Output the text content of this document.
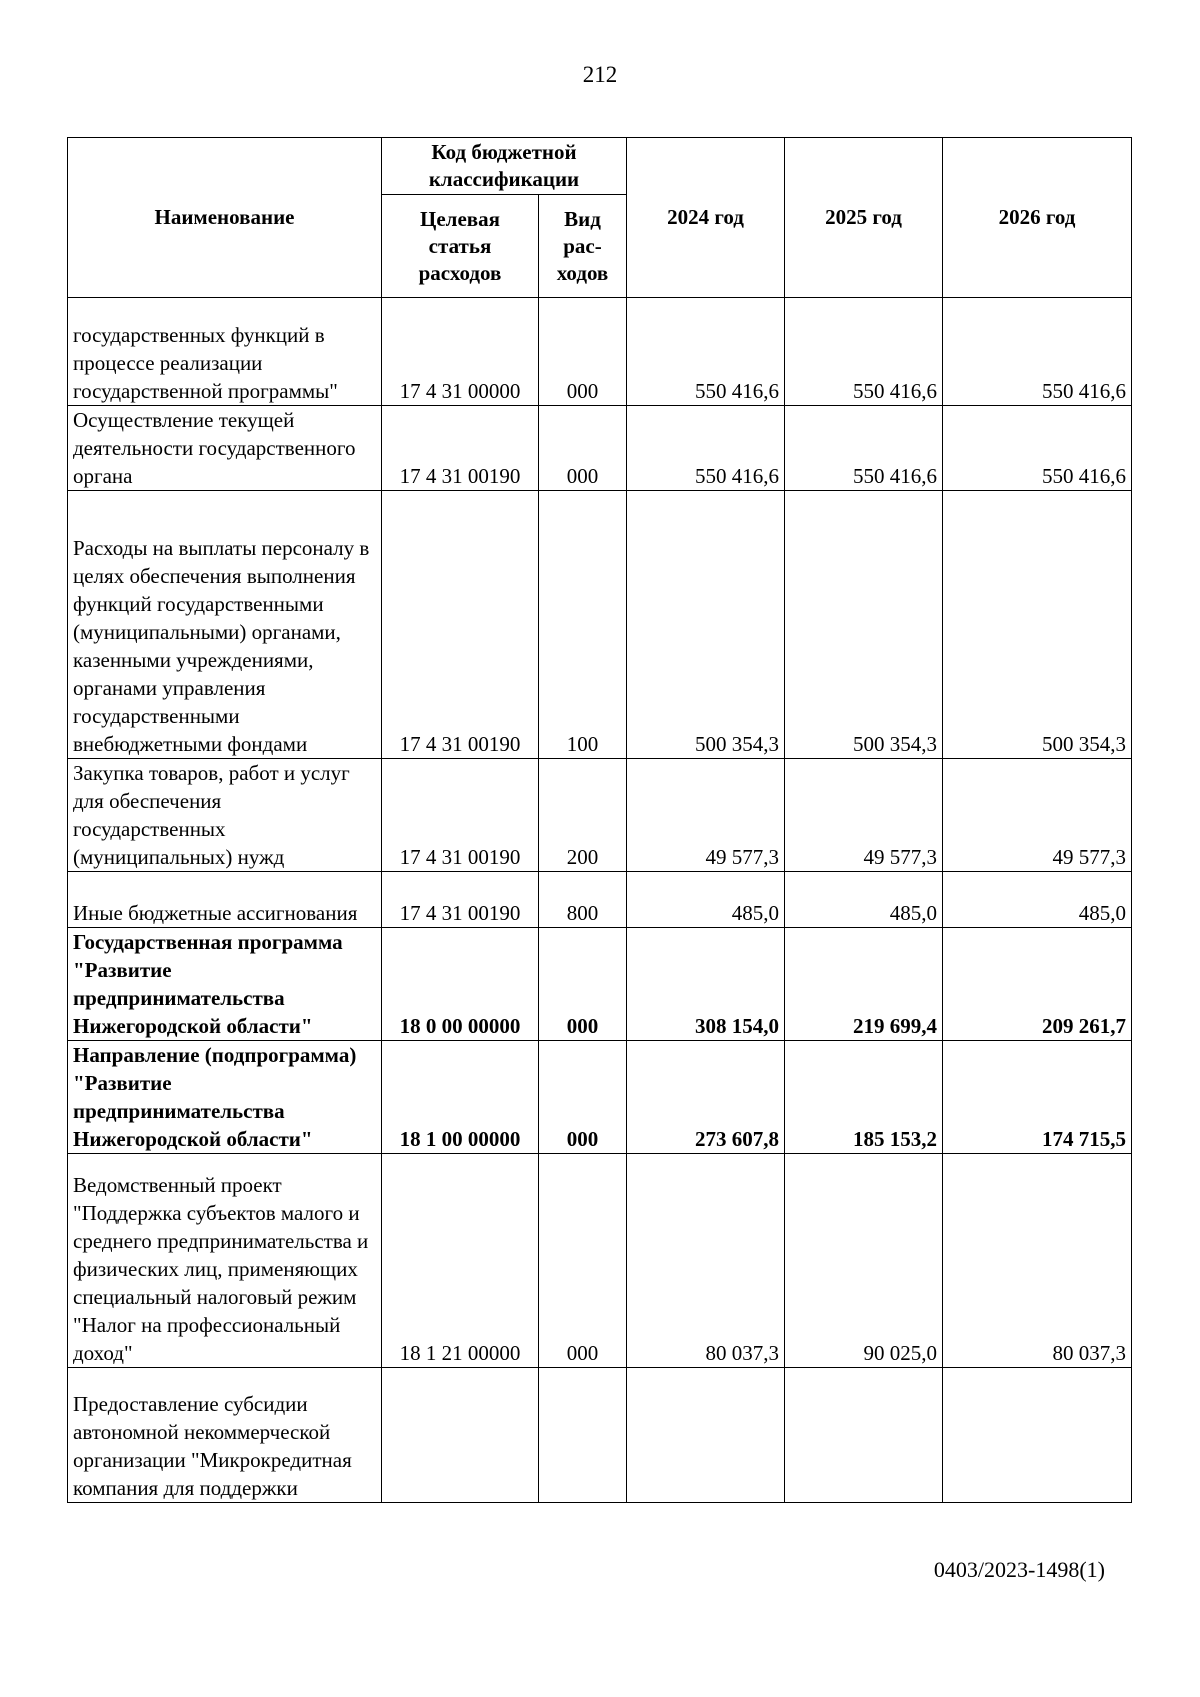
212
Наименование	Код бюджетной классификации		2024 год	2025 год	2026 год
	Целевая статья расходов	Вид рас-ходов			
государственных функций в процессе реализации государственной программы"	17 4 31 00000	000	550 416,6	550 416,6	550 416,6
Осуществление текущей деятельности государственного органа	17 4 31 00190	000	550 416,6	550 416,6	550 416,6
Расходы на выплаты персоналу в целях обеспечения выполнения функций государственными (муниципальными) органами, казенными учреждениями, органами управления государственными внебюджетными фондами	17 4 31 00190	100	500 354,3	500 354,3	500 354,3
Закупка товаров, работ и услуг для обеспечения государственных (муниципальных) нужд	17 4 31 00190	200	49 577,3	49 577,3	49 577,3
Иные бюджетные ассигнования	17 4 31 00190	800	485,0	485,0	485,0
Государственная программа "Развитие предпринимательства Нижегородской области"	18 0 00 00000	000	308 154,0	219 699,4	209 261,7
Направление (подпрограмма) "Развитие предпринимательства Нижегородской области"	18 1 00 00000	000	273 607,8	185 153,2	174 715,5
Ведомственный проект "Поддержка субъектов малого и среднего предпринимательства и физических лиц, применяющих специальный налоговый режим "Налог на профессиональный доход"	18 1 21 00000	000	80 037,3	90 025,0	80 037,3
Предоставление субсидии автономной некоммерческой организации "Микрокредитная компания для поддержки					
0403/2023-1498(1)
